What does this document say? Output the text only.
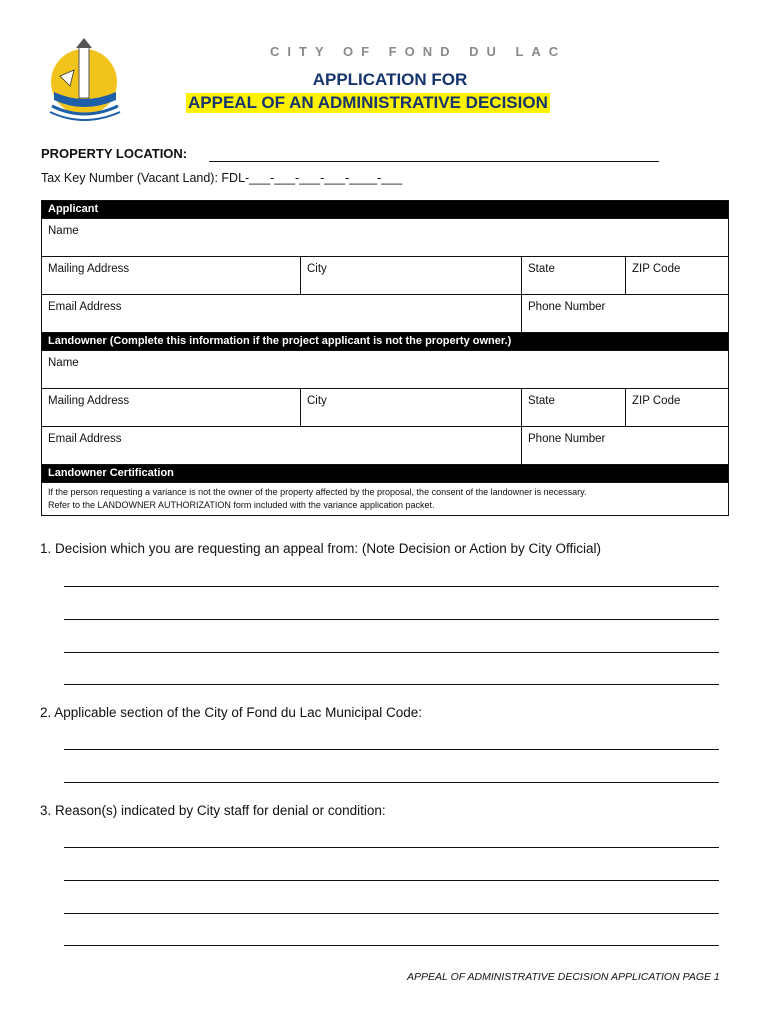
CITY OF FOND DU LAC
APPLICATION FOR
APPEAL OF AN ADMINISTRATIVE DECISION
PROPERTY LOCATION:
Tax Key Number (Vacant Land): FDL-___-___-___-___-____-___
Applicant			
Name			
Mailing Address	City	State	ZIP Code
Email Address		Phone Number	
Landowner (Complete this information if the project applicant is not the property owner.)			
Name			
Mailing Address	City	State	ZIP Code
Email Address		Phone Number	
Landowner Certification			
If the person requesting a variance is not the owner of the property affected by the proposal, the consent of the landowner is necessary.
Refer to the LANDOWNER AUTHORIZATION form included with the variance application packet.			
1. Decision which you are requesting an appeal from: (Note Decision or Action by City Official)
2. Applicable section of the City of Fond du Lac Municipal Code:
3. Reason(s) indicated by City staff for denial or condition:
APPEAL OF ADMINISTRATIVE DECISION APPLICATION PAGE 1
